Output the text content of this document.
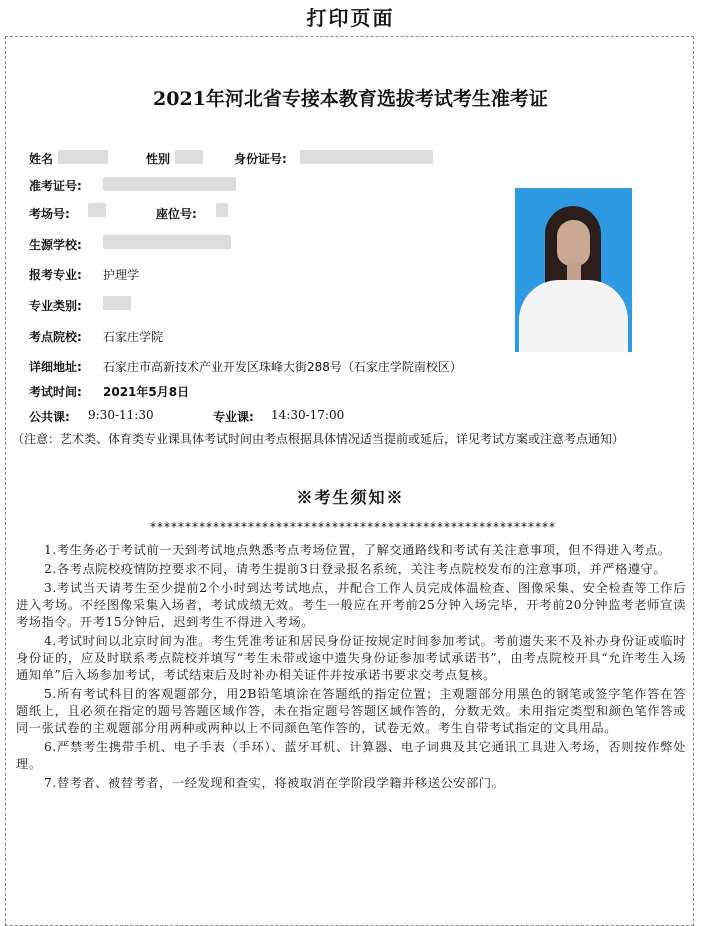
打印页面
2021年河北省专接本教育选拔考试考生准考证
姓名	性别	身份证号:
准考证号:
考场号:	座位号:
生源学校:
报考专业: 护理学
专业类别:
考点院校: 石家庄学院
详细地址: 石家庄市高新技术产业开发区珠峰大街288号（石家庄学院南校区）
考试时间: 2021年5月8日
公共课: 9:30-11:30	专业课: 14:30-17:00
（注意：艺术类、体育类专业课具体考试时间由考点根据具体情况适当提前或延后，详见考试方案或注意考点通知）
※考生须知※
**********************************************************

1.考生务必于考试前一天到考试地点熟悉考点考场位置，了解交通路线和考试有关注意事项，但不得进入考点。

2.各考点院校疫情防控要求不同，请考生提前3日登录报名系统，关注考点院校发布的注意事项，并严格遵守。

3.考试当天请考生至少提前2个小时到达考试地点，并配合工作人员完成体温检查、图像采集、安全检查等工作后进入考场。不经图像采集入场者，考试成绩无效。考生一般应在开考前25分钟入场完毕，开考前20分钟监考老师宣读考场指令。开考15分钟后，迟到考生不得进入考场。

4.考试时间以北京时间为准。考生凭准考证和居民身份证按规定时间参加考试。考前遗失来不及补办身份证或临时身份证的，应及时联系考点院校并填写“考生未带或途中遗失身份证参加考试承诺书”，由考点院校开具“允许考生入场通知单”后入场参加考试，考试结束后及时补办相关证件并按承诺书要求交考点复核。

5.所有考试科目的客观题部分，用2B铅笔填涂在答题纸的指定位置；主观题部分用黑色的钢笔或签字笔作答在答题纸上，且必须在指定的题号答题区域作答，未在指定题号答题区域作答的，分数无效。未用指定类型和颜色笔作答或同一张试卷的主观题部分用两种或两种以上不同颜色笔作答的，试卷无效。考生自带考试指定的文具用品。

6.严禁考生携带手机、电子手表（手环）、蓝牙耳机、计算器、电子词典及其它通讯工具进入考场，否则按作弊处理。

7.替考者、被替考者，一经发现和查实，将被取消在学阶段学籍并移送公安部门。
